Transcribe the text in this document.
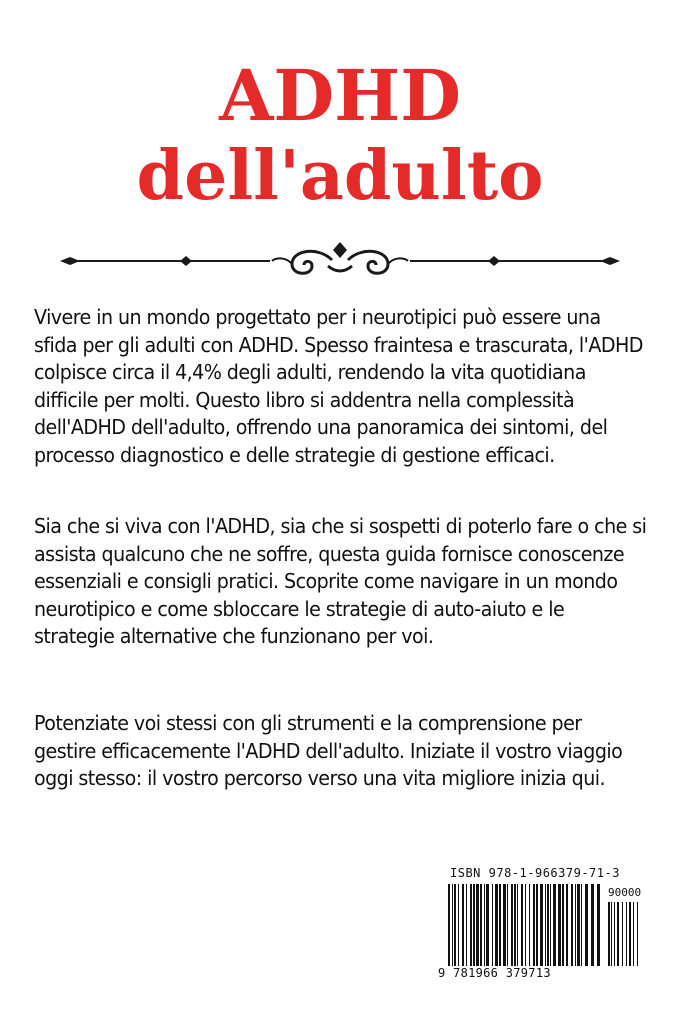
ADHD
dell'adulto

Vivere in un mondo progettato per i neurotipici può essere una sfida per gli adulti con ADHD. Spesso fraintesa e trascurata, l'ADHD colpisce circa il 4,4% degli adulti, rendendo la vita quotidiana difficile per molti. Questo libro si addentra nella complessità dell'ADHD dell'adulto, offrendo una panoramica dei sintomi, del processo diagnostico e delle strategie di gestione efficaci.

Sia che si viva con l'ADHD, sia che si sospetti di poterlo fare o che si assista qualcuno che ne soffre, questa guida fornisce conoscenze essenziali e consigli pratici. Scoprite come navigare in un mondo neurotipico e come sbloccare le strategie di auto-aiuto e le strategie alternative che funzionano per voi.

Potenziate voi stessi con gli strumenti e la comprensione per gestire efficacemente l'ADHD dell'adulto. Iniziate il vostro viaggio oggi stesso: il vostro percorso verso una vita migliore inizia qui.

ISBN 978-1-966379-71-3
90000
9 781966 379713
